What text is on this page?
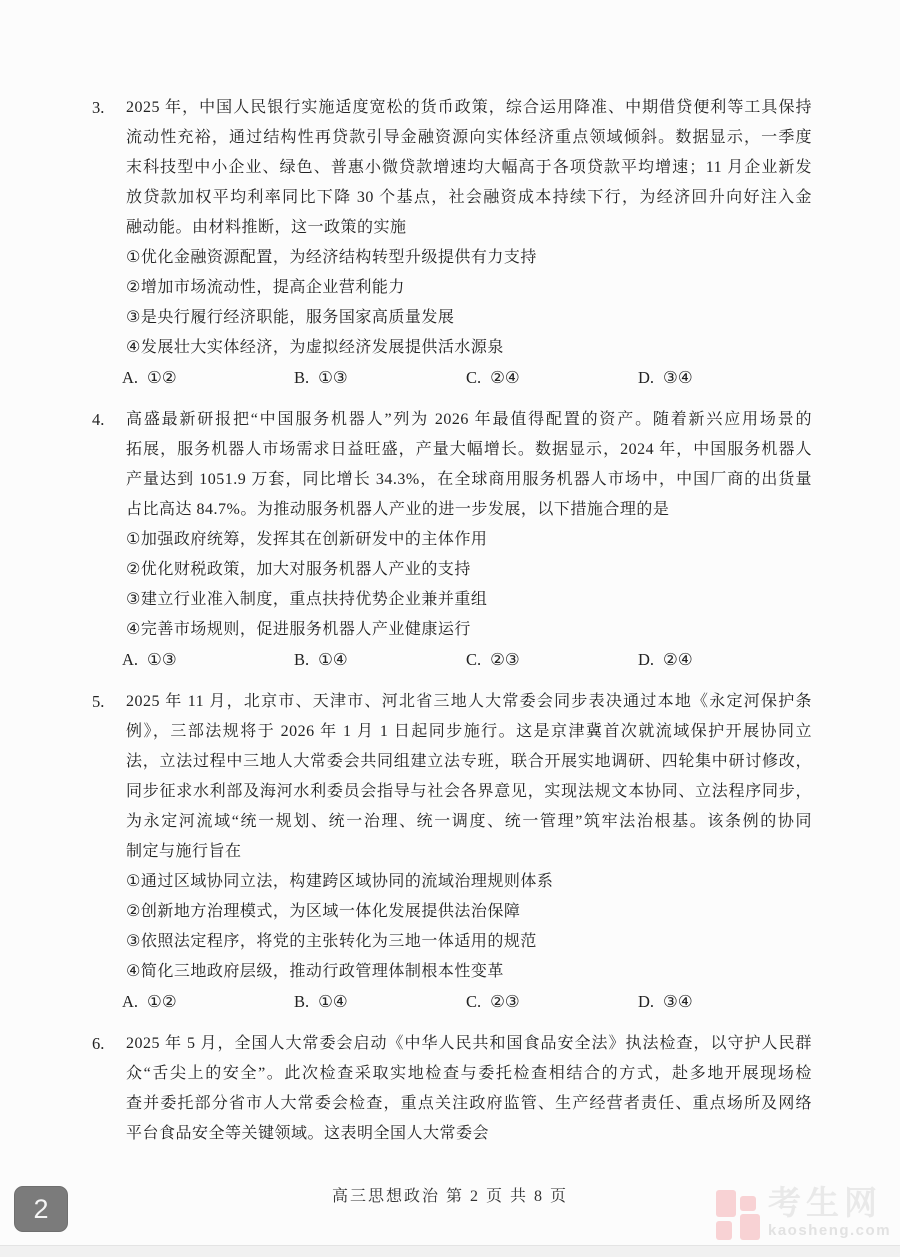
3.	2025 年，中国人民银行实施适度宽松的货币政策，综合运用降准、中期借贷便利等工具保持
流动性充裕，通过结构性再贷款引导金融资源向实体经济重点领域倾斜。数据显示，一季度
末科技型中小企业、绿色、普惠小微贷款增速均大幅高于各项贷款平均增速；11 月企业新发
放贷款加权平均利率同比下降 30 个基点，社会融资成本持续下行，为经济回升向好注入金
融动能。由材料推断，这一政策的实施
①优化金融资源配置，为经济结构转型升级提供有力支持
②增加市场流动性，提高企业营利能力
③是央行履行经济职能，服务国家高质量发展
④发展壮大实体经济，为虚拟经济发展提供活水源泉
A. ①②	B. ①③	C. ②④	D. ③④
4.	高盛最新研报把“中国服务机器人”列为 2026 年最值得配置的资产。随着新兴应用场景的
拓展，服务机器人市场需求日益旺盛，产量大幅增长。数据显示，2024 年，中国服务机器人
产量达到 1051.9 万套，同比增长 34.3%，在全球商用服务机器人市场中，中国厂商的出货量
占比高达 84.7%。为推动服务机器人产业的进一步发展，以下措施合理的是
①加强政府统筹，发挥其在创新研发中的主体作用
②优化财税政策，加大对服务机器人产业的支持
③建立行业准入制度，重点扶持优势企业兼并重组
④完善市场规则，促进服务机器人产业健康运行
A. ①③	B. ①④	C. ②③	D. ②④
5.	2025 年 11 月，北京市、天津市、河北省三地人大常委会同步表决通过本地《永定河保护条
例》，三部法规将于 2026 年 1 月 1 日起同步施行。这是京津冀首次就流域保护开展协同立
法，立法过程中三地人大常委会共同组建立法专班，联合开展实地调研、四轮集中研讨修改，
同步征求水利部及海河水利委员会指导与社会各界意见，实现法规文本协同、立法程序同步，
为永定河流域“统一规划、统一治理、统一调度、统一管理”筑牢法治根基。该条例的协同
制定与施行旨在
①通过区域协同立法，构建跨区域协同的流域治理规则体系
②创新地方治理模式，为区域一体化发展提供法治保障
③依照法定程序，将党的主张转化为三地一体适用的规范
④简化三地政府层级，推动行政管理体制根本性变革
A. ①②	B. ①④	C. ②③	D. ③④
6.	2025 年 5 月，全国人大常委会启动《中华人民共和国食品安全法》执法检查，以守护人民群
众“舌尖上的安全”。此次检查采取实地检查与委托检查相结合的方式，赴多地开展现场检
查并委托部分省市人大常委会检查，重点关注政府监管、生产经营者责任、重点场所及网络
平台食品安全等关键领域。这表明全国人大常委会
高三思想政治 第 2 页 共 8 页
2	考生网
kaosheng.com
